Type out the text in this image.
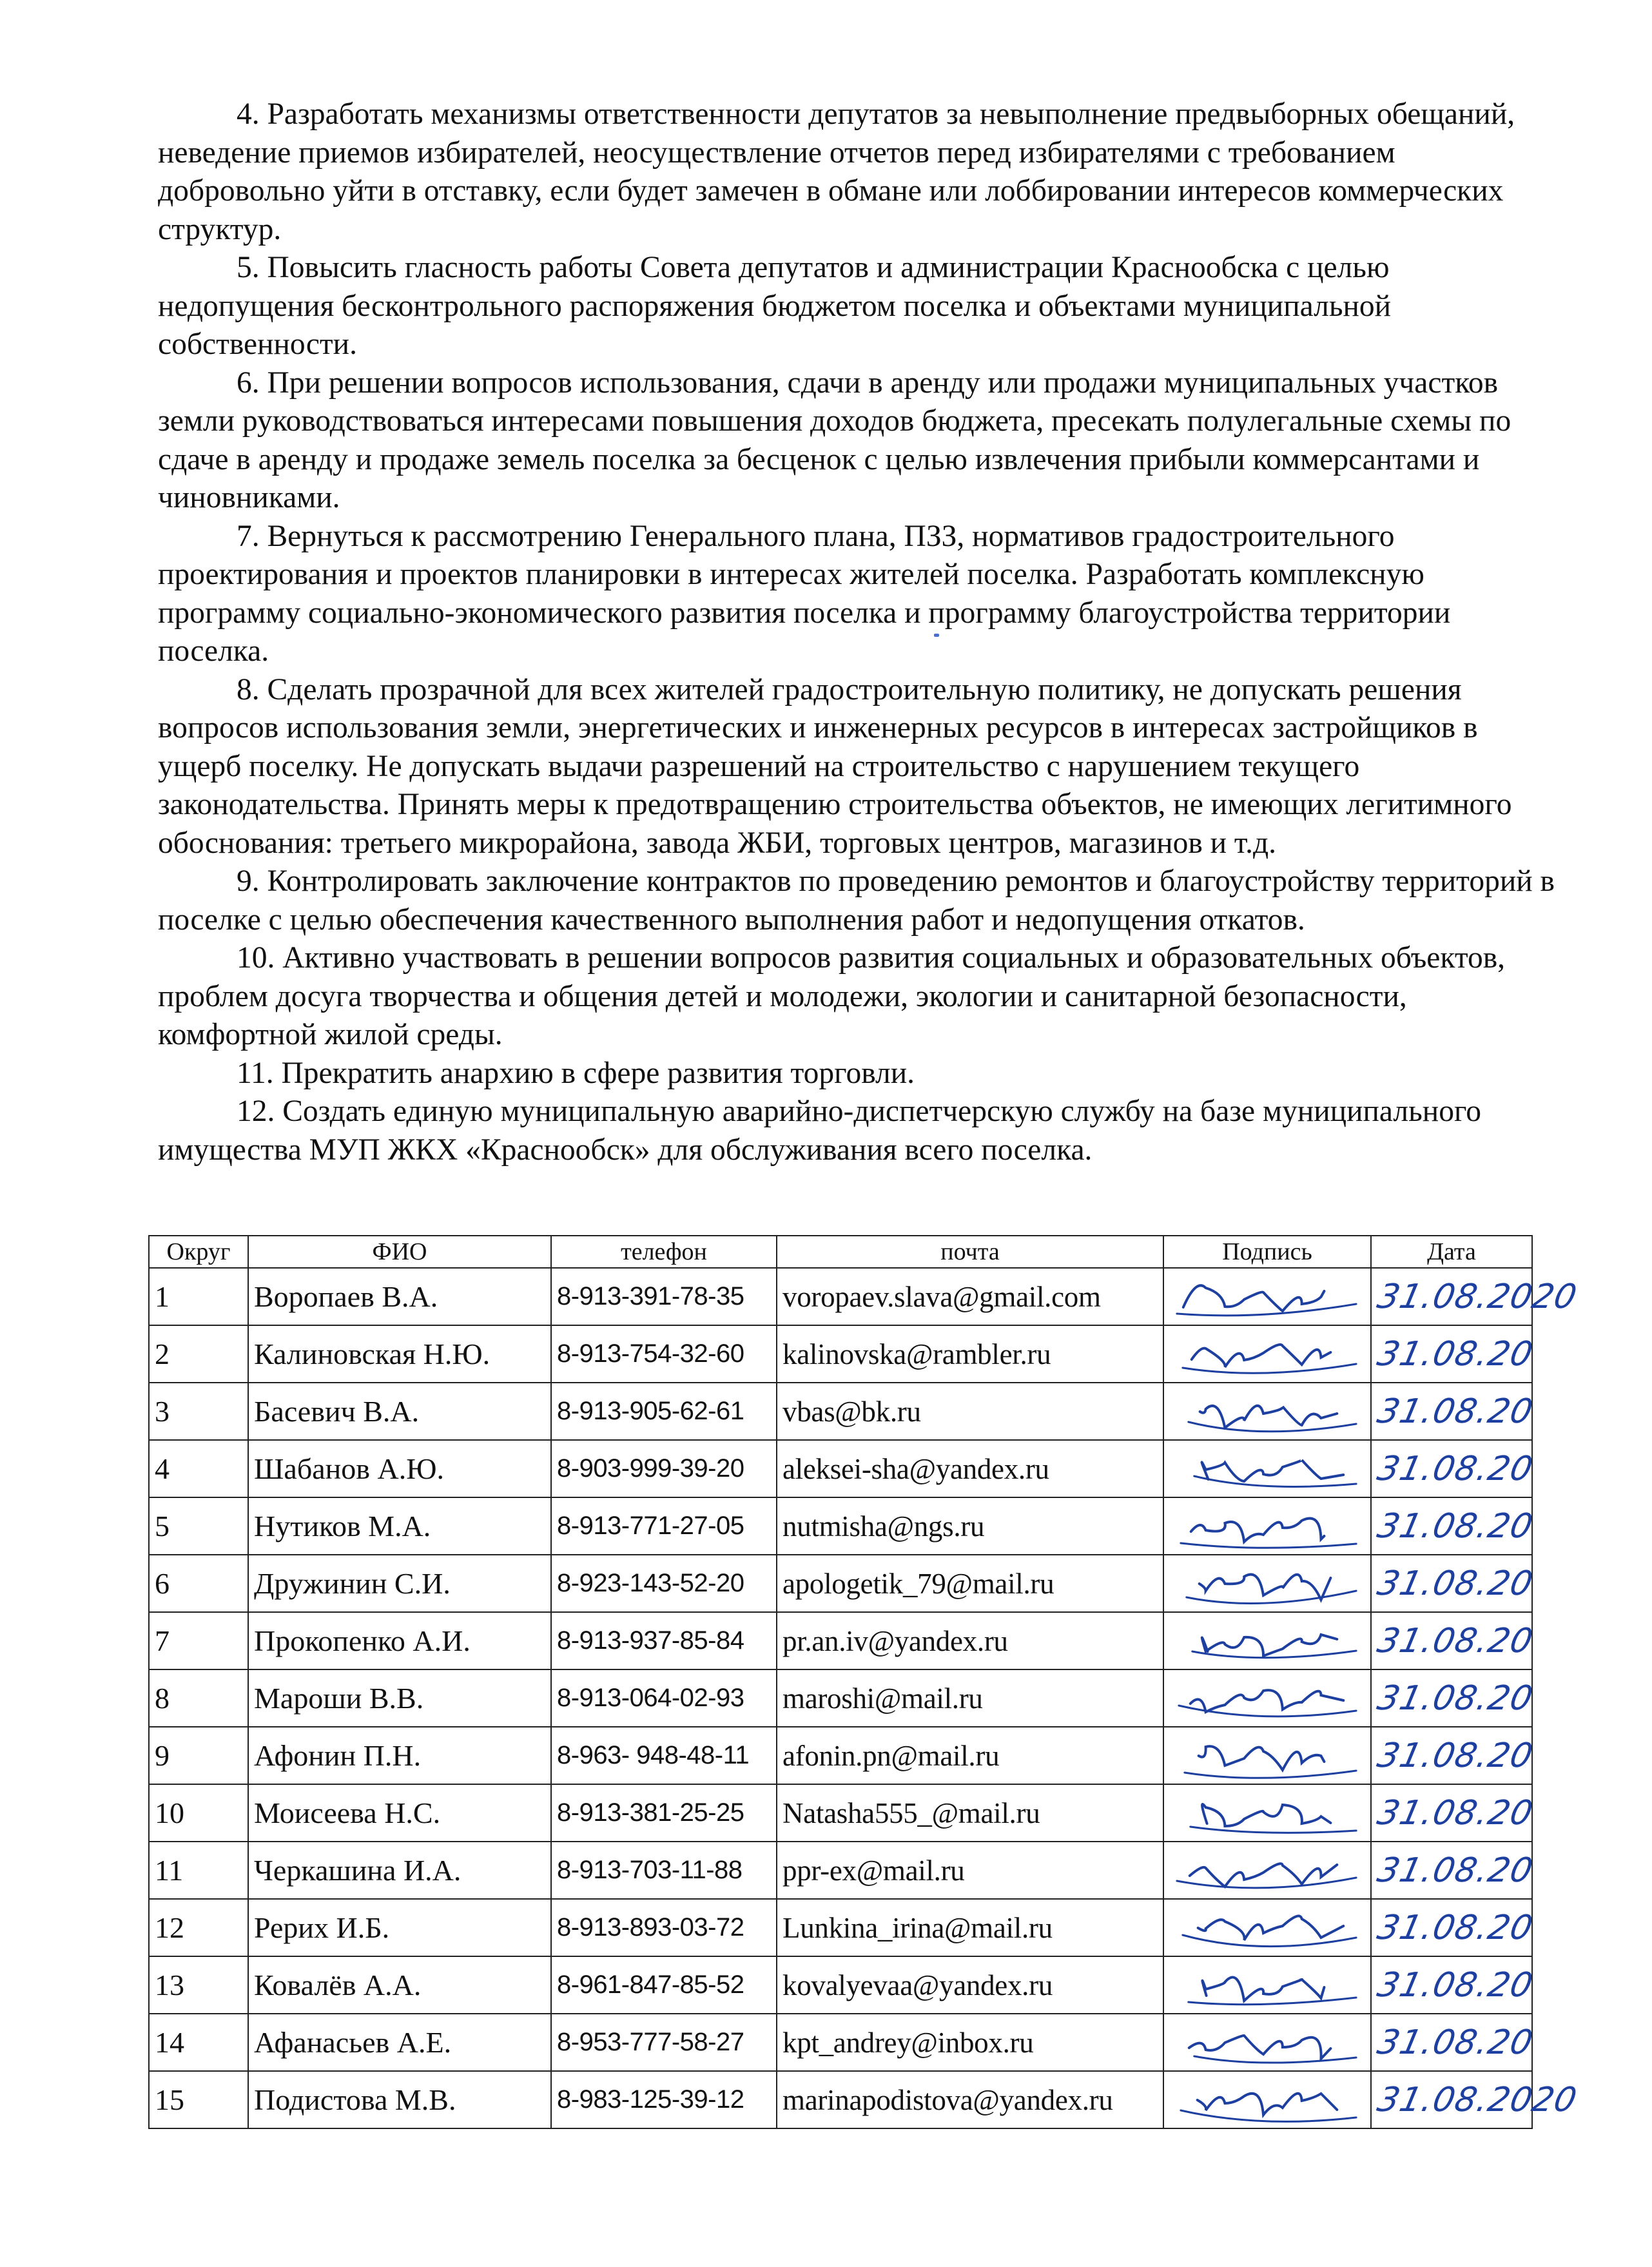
4. Разработать механизмы ответственности депутатов за невыполнение предвыборных обещаний, неведение приемов избирателей, неосуществление отчетов перед избирателями с требованием добровольно уйти в отставку, если будет замечен в обмане или лоббировании интересов коммерческих структур.

5. Повысить гласность работы Совета депутатов и администрации Краснообска с целью недопущения бесконтрольного распоряжения бюджетом поселка и объектами муниципальной собственности.

6. При решении вопросов использования, сдачи в аренду или продажи муниципальных участков земли руководствоваться интересами повышения доходов бюджета, пресекать полулегальные схемы по сдаче в аренду и продаже земель поселка за бесценок с целью извлечения прибыли коммерсантами и чиновниками.

7. Вернуться к рассмотрению Генерального плана, ПЗЗ, нормативов градостроительного проектирования и проектов планировки в интересах жителей поселка. Разработать комплексную программу социально-экономического развития поселка и программу благоустройства территории поселка.

8. Сделать прозрачной для всех жителей градостроительную политику, не допускать решения вопросов использования земли, энергетических и инженерных ресурсов в интересах застройщиков в ущерб поселку. Не допускать выдачи разрешений на строительство с нарушением текущего законодательства. Принять меры к предотвращению строительства объектов, не имеющих легитимного обоснования: третьего микрорайона, завода ЖБИ, торговых центров, магазинов и т.д.

9. Контролировать заключение контрактов по проведению ремонтов и благоустройству территорий в поселке с целью обеспечения качественного выполнения работ и недопущения откатов.

10. Активно участвовать в решении вопросов развития социальных и образовательных объектов, проблем досуга творчества и общения детей и молодежи, экологии и санитарной безопасности, комфортной жилой среды.

11. Прекратить анархию в сфере развития торговли.

12. Создать единую муниципальную аварийно-диспетчерскую службу на базе муниципального имущества МУП ЖКХ «Краснообск» для обслуживания всего поселка.

Округ	ФИО	телефон	почта	Подпись	Дата
1	Воропаев В.А.	8-913-391-78-35	voropaev.slava@gmail.com		31.08.2020

2	Калиновская Н.Ю.	8-913-754-32-60	kalinovska@rambler.ru		31.08.20

3	Басевич В.А.	8-913-905-62-61	vbas@bk.ru		31.08.20

4	Шабанов А.Ю.	8-903-999-39-20	aleksei-sha@yandex.ru		31.08.20

5	Нутиков М.А.	8-913-771-27-05	nutmisha@ngs.ru		31.08.20

6	Дружинин С.И.	8-923-143-52-20	apologetik_79@mail.ru		31.08.20

7	Прокопенко А.И.	8-913-937-85-84	pr.an.iv@yandex.ru		31.08.20

8	Мароши В.В.	8-913-064-02-93	maroshi@mail.ru		31.08.20

9	Афонин П.Н.	8-963- 948-48-11	afonin.pn@mail.ru		31.08.20

10	Моисеева Н.С.	8-913-381-25-25	Natasha555_@mail.ru		31.08.20

11	Черкашина И.А.	8-913-703-11-88	ppr-ex@mail.ru		31.08.20

12	Рерих И.Б.	8-913-893-03-72	Lunkina_irina@mail.ru		31.08.20

13	Ковалёв А.А.	8-961-847-85-52	kovalyevaa@yandex.ru		31.08.20

14	Афанасьев А.Е.	8-953-777-58-27	kpt_andrey@inbox.ru		31.08.20

15	Подистова М.В.	8-983-125-39-12	marinapodistova@yandex.ru		31.08.2020
